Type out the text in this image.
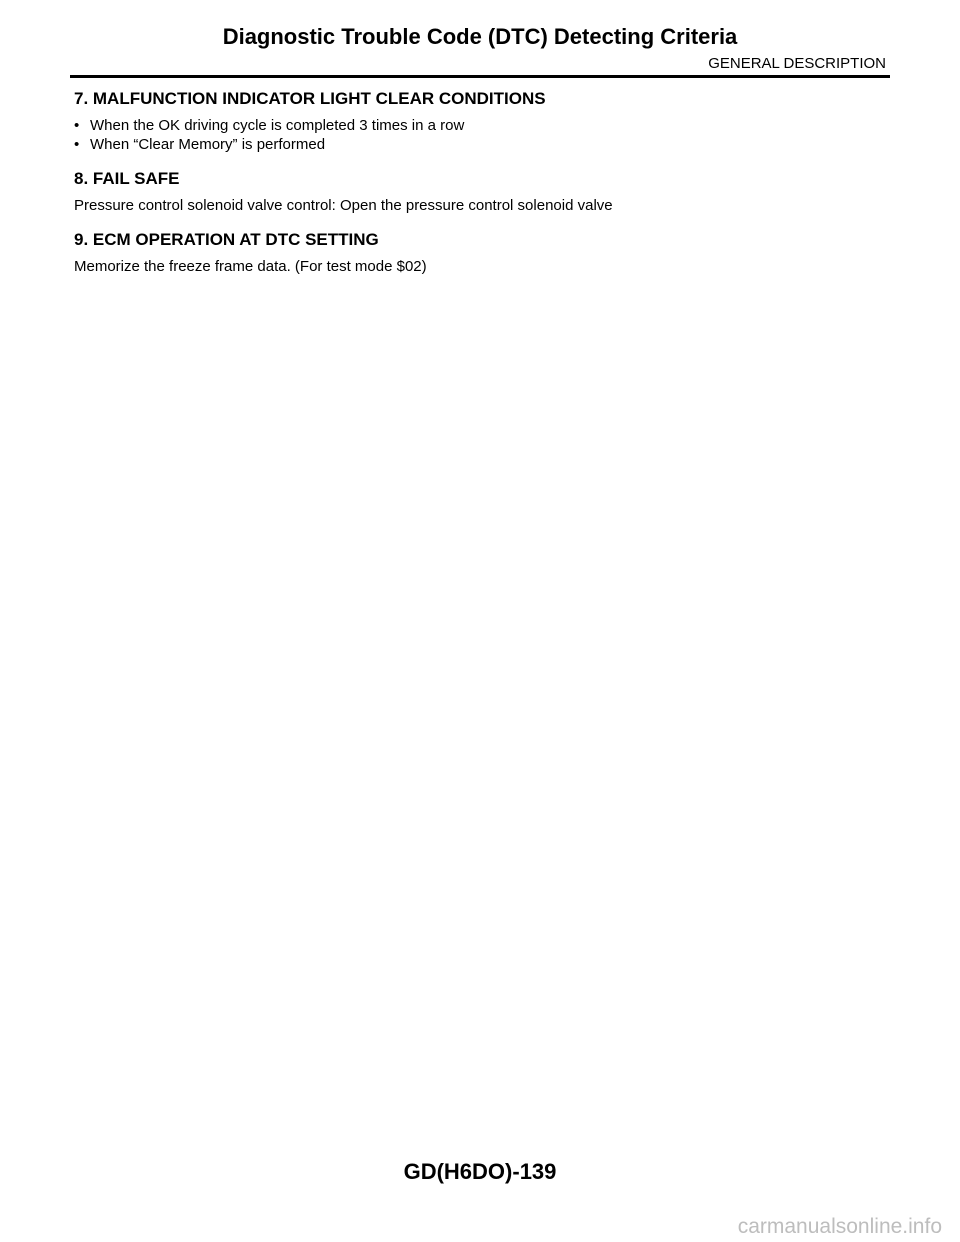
Diagnostic Trouble Code (DTC) Detecting Criteria
GENERAL DESCRIPTION
7. MALFUNCTION INDICATOR LIGHT CLEAR CONDITIONS
• When the OK driving cycle is completed 3 times in a row
• When “Clear Memory” is performed
8. FAIL SAFE

Pressure control solenoid valve control: Open the pressure control solenoid valve

9. ECM OPERATION AT DTC SETTING

Memorize the freeze frame data. (For test mode $02)

GD(H6DO)-139
carmanualsonline.info
